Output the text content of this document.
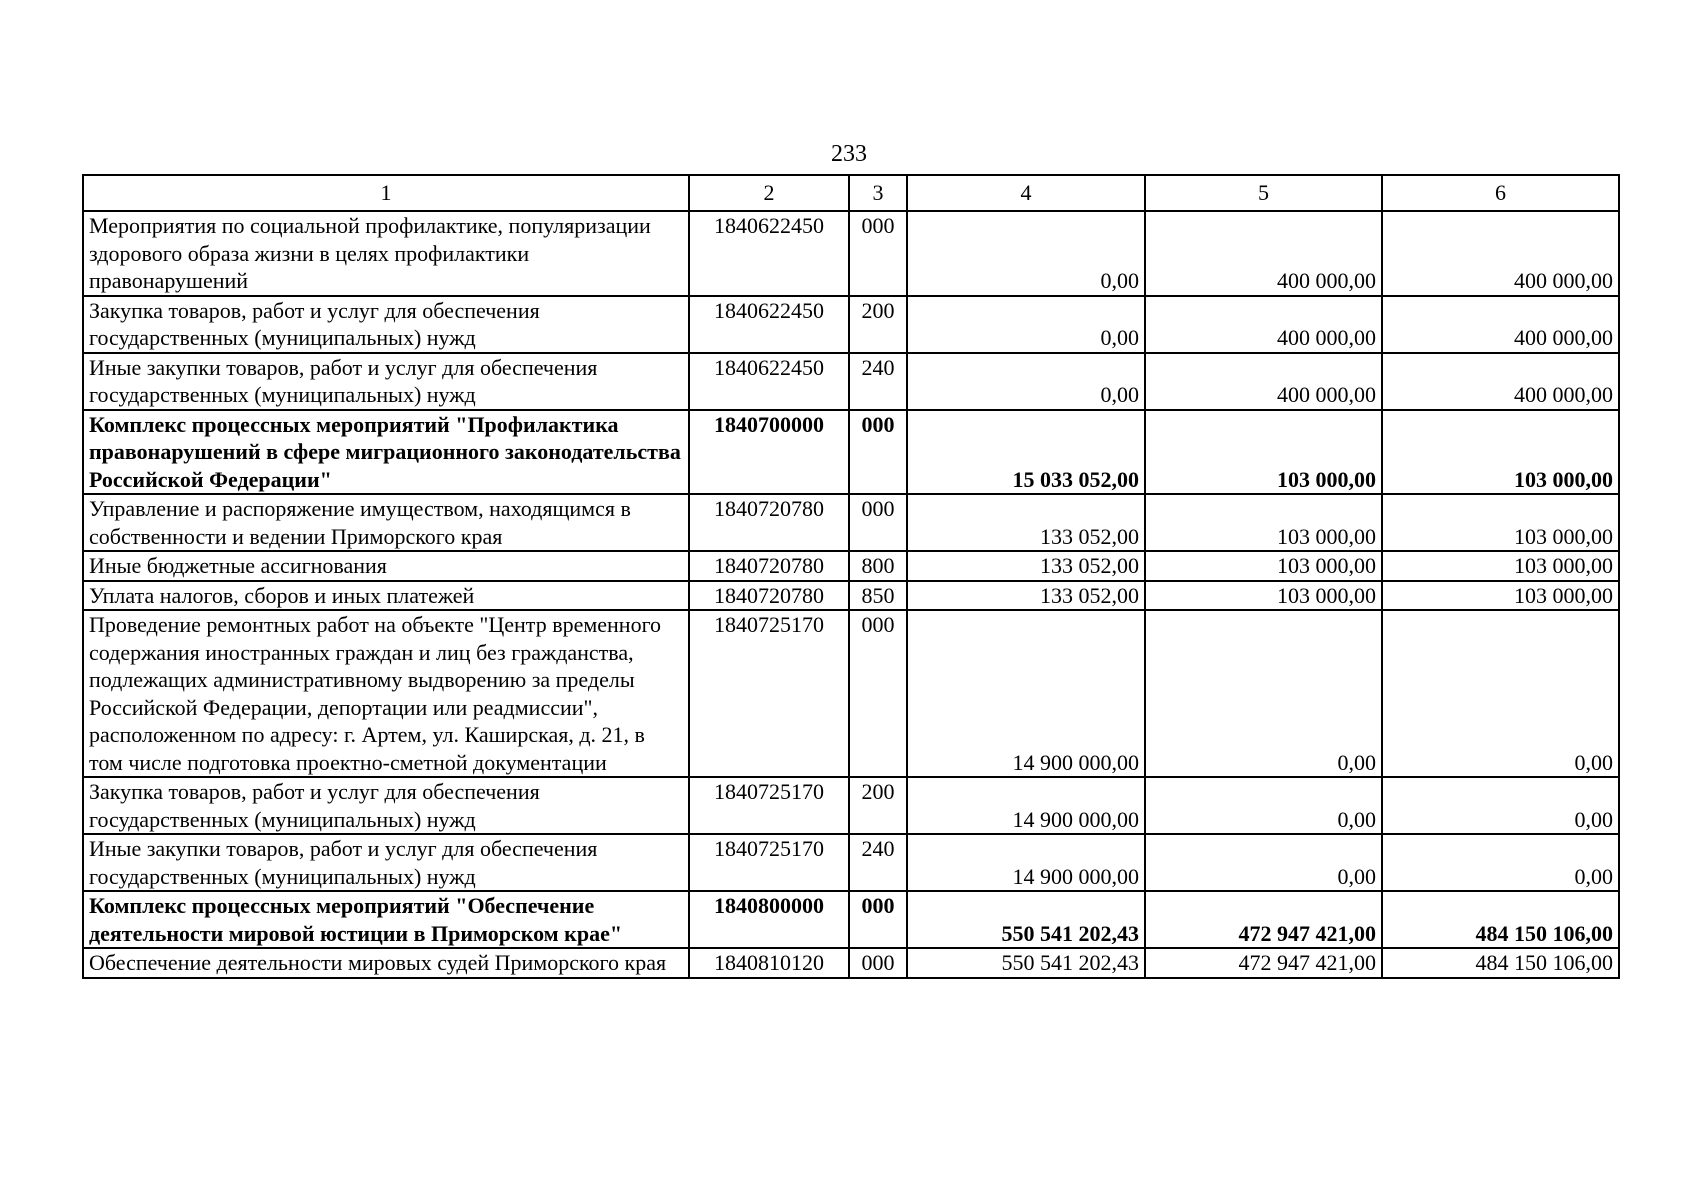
233
1	2	3	4	5	6
Мероприятия по социальной профилактике, популяризации здорового образа жизни в целях профилактики правонарушений	1840622450	000	0,00	400 000,00	400 000,00
Закупка товаров, работ и услуг для обеспечения государственных (муниципальных) нужд	1840622450	200	0,00	400 000,00	400 000,00
Иные закупки товаров, работ и услуг для обеспечения государственных (муниципальных) нужд	1840622450	240	0,00	400 000,00	400 000,00
Комплекс процессных мероприятий "Профилактика правонарушений в сфере миграционного законодательства Российской Федерации"	1840700000	000	15 033 052,00	103 000,00	103 000,00
Управление и распоряжение имуществом, находящимся в собственности и ведении Приморского края	1840720780	000	133 052,00	103 000,00	103 000,00
Иные бюджетные ассигнования	1840720780	800	133 052,00	103 000,00	103 000,00
Уплата налогов, сборов и иных платежей	1840720780	850	133 052,00	103 000,00	103 000,00
Проведение ремонтных работ на объекте "Центр временного содержания иностранных граждан и лиц без гражданства, подлежащих административному выдворению за пределы Российской Федерации, депортации или реадмиссии", расположенном по адресу: г. Артем, ул. Каширская, д. 21, в том числе подготовка проектно-сметной документации	1840725170	000	14 900 000,00	0,00	0,00
Закупка товаров, работ и услуг для обеспечения государственных (муниципальных) нужд	1840725170	200	14 900 000,00	0,00	0,00
Иные закупки товаров, работ и услуг для обеспечения государственных (муниципальных) нужд	1840725170	240	14 900 000,00	0,00	0,00
Комплекс процессных мероприятий "Обеспечение деятельности мировой юстиции в Приморском крае"	1840800000	000	550 541 202,43	472 947 421,00	484 150 106,00
Обеспечение деятельности мировых судей Приморского края	1840810120	000	550 541 202,43	472 947 421,00	484 150 106,00
